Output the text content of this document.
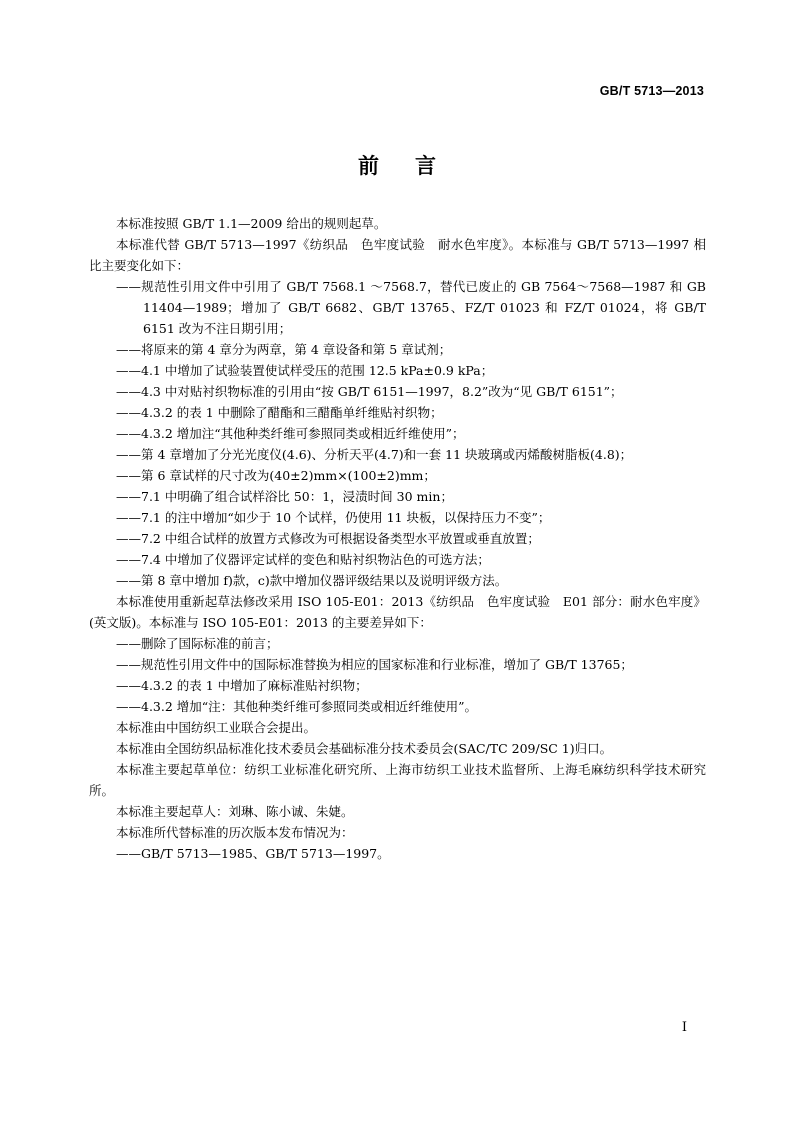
GB/T 5713—2013
前言

本标准按照 GB/T 1.1—2009 给出的规则起草。

本标准代替 GB/T 5713—1997《纺织品　色牢度试验　耐水色牢度》。本标准与 GB/T 5713—1997 相比主要变化如下：

——规范性引用文件中引用了 GB/T 7568.1 ～7568.7，替代已废止的 GB 7564～7568—1987 和 GB 11404—1989；增加了 GB/T 6682、GB/T 13765、FZ/T 01023 和 FZ/T 01024，将 GB/T 6151 改为不注日期引用；

——将原来的第 4 章分为两章，第 4 章设备和第 5 章试剂；

——4.1 中增加了试验装置使试样受压的范围 12.5 kPa±0.9 kPa；

——4.3 中对贴衬织物标准的引用由“按 GB/T 6151—1997，8.2”改为“见 GB/T 6151”；

——4.3.2 的表 1 中删除了醋酯和三醋酯单纤维贴衬织物；

——4.3.2 增加注“其他种类纤维可参照同类或相近纤维使用”；

——第 4 章增加了分光光度仪(4.6)、分析天平(4.7)和一套 11 块玻璃或丙烯酸树脂板(4.8)；

——第 6 章试样的尺寸改为(40±2)mm×(100±2)mm；

——7.1 中明确了组合试样浴比 50：1，浸渍时间 30 min；

——7.1 的注中增加“如少于 10 个试样，仍使用 11 块板，以保持压力不变”；

——7.2 中组合试样的放置方式修改为可根据设备类型水平放置或垂直放置；

——7.4 中增加了仪器评定试样的变色和贴衬织物沾色的可选方法；

——第 8 章中增加 f)款，c)款中增加仪器评级结果以及说明评级方法。

本标准使用重新起草法修改采用 ISO 105-E01：2013《纺织品　色牢度试验　E01 部分：耐水色牢度》(英文版)。本标准与 ISO 105-E01：2013 的主要差异如下：

——删除了国际标准的前言；

——规范性引用文件中的国际标准替换为相应的国家标准和行业标准，增加了 GB/T 13765；

——4.3.2 的表 1 中增加了麻标准贴衬织物；

——4.3.2 增加“注：其他种类纤维可参照同类或相近纤维使用”。

本标准由中国纺织工业联合会提出。

本标准由全国纺织品标准化技术委员会基础标准分技术委员会(SAC/TC 209/SC 1)归口。

本标准主要起草单位：纺织工业标准化研究所、上海市纺织工业技术监督所、上海毛麻纺织科学技术研究所。

本标准主要起草人：刘琳、陈小诚、朱婕。

本标准所代替标准的历次版本发布情况为：

——GB/T 5713—1985、GB/T 5713—1997。

I
